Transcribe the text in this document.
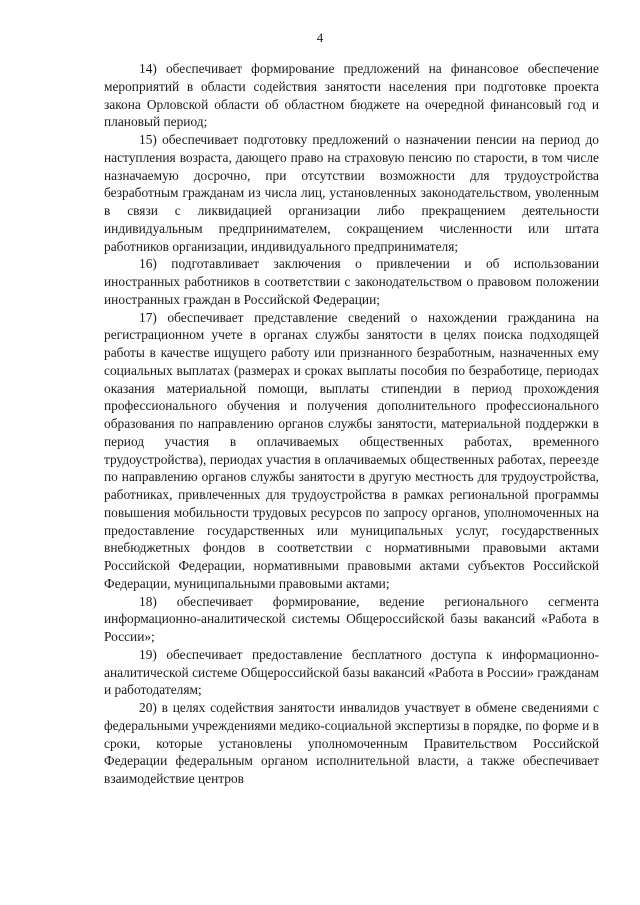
4

14) обеспечивает формирование предложений на финансовое обеспечение мероприятий в области содействия занятости населения при подготовке проекта закона Орловской области об областном бюджете на очередной финансовый год и плановый период;

15) обеспечивает подготовку предложений о назначении пенсии на период до наступления возраста, дающего право на страховую пенсию по старости, в том числе назначаемую досрочно, при отсутствии возможности для трудоустройства безработным гражданам из числа лиц, установленных законодательством, уволенным в связи с ликвидацией организации либо прекращением деятельности индивидуальным предпринимателем, сокращением численности или штата работников организации, индивидуального предпринимателя;

16) подготавливает заключения о привлечении и об использовании иностранных работников в соответствии с законодательством о правовом положении иностранных граждан в Российской Федерации;

17) обеспечивает представление сведений о нахождении гражданина на регистрационном учете в органах службы занятости в целях поиска подходящей работы в качестве ищущего работу или признанного безработным, назначенных ему социальных выплатах (размерах и сроках выплаты пособия по безработице, периодах оказания материальной помощи, выплаты стипендии в период прохождения профессионального обучения и получения дополнительного профессионального образования по направлению органов службы занятости, материальной поддержки в период участия в оплачиваемых общественных работах, временного трудоустройства), периодах участия в оплачиваемых общественных работах, переезде по направлению органов службы занятости в другую местность для трудоустройства, работниках, привлеченных для трудоустройства в рамках региональной программы повышения мобильности трудовых ресурсов по запросу органов, уполномоченных на предоставление государственных или муниципальных услуг, государственных внебюджетных фондов в соответствии с нормативными правовыми актами Российской Федерации, нормативными правовыми актами субъектов Российской Федерации, муниципальными правовыми актами;

18) обеспечивает формирование, ведение регионального сегмента информационно-аналитической системы Общероссийской базы вакансий «Работа в России»;

19) обеспечивает предоставление бесплатного доступа к информационно-аналитической системе Общероссийской базы вакансий «Работа в России» гражданам и работодателям;

20) в целях содействия занятости инвалидов участвует в обмене сведениями с федеральными учреждениями медико-социальной экспертизы в порядке, по форме и в сроки, которые установлены уполномоченным Правительством Российской Федерации федеральным органом исполнительной власти, а также обеспечивает взаимодействие центров
